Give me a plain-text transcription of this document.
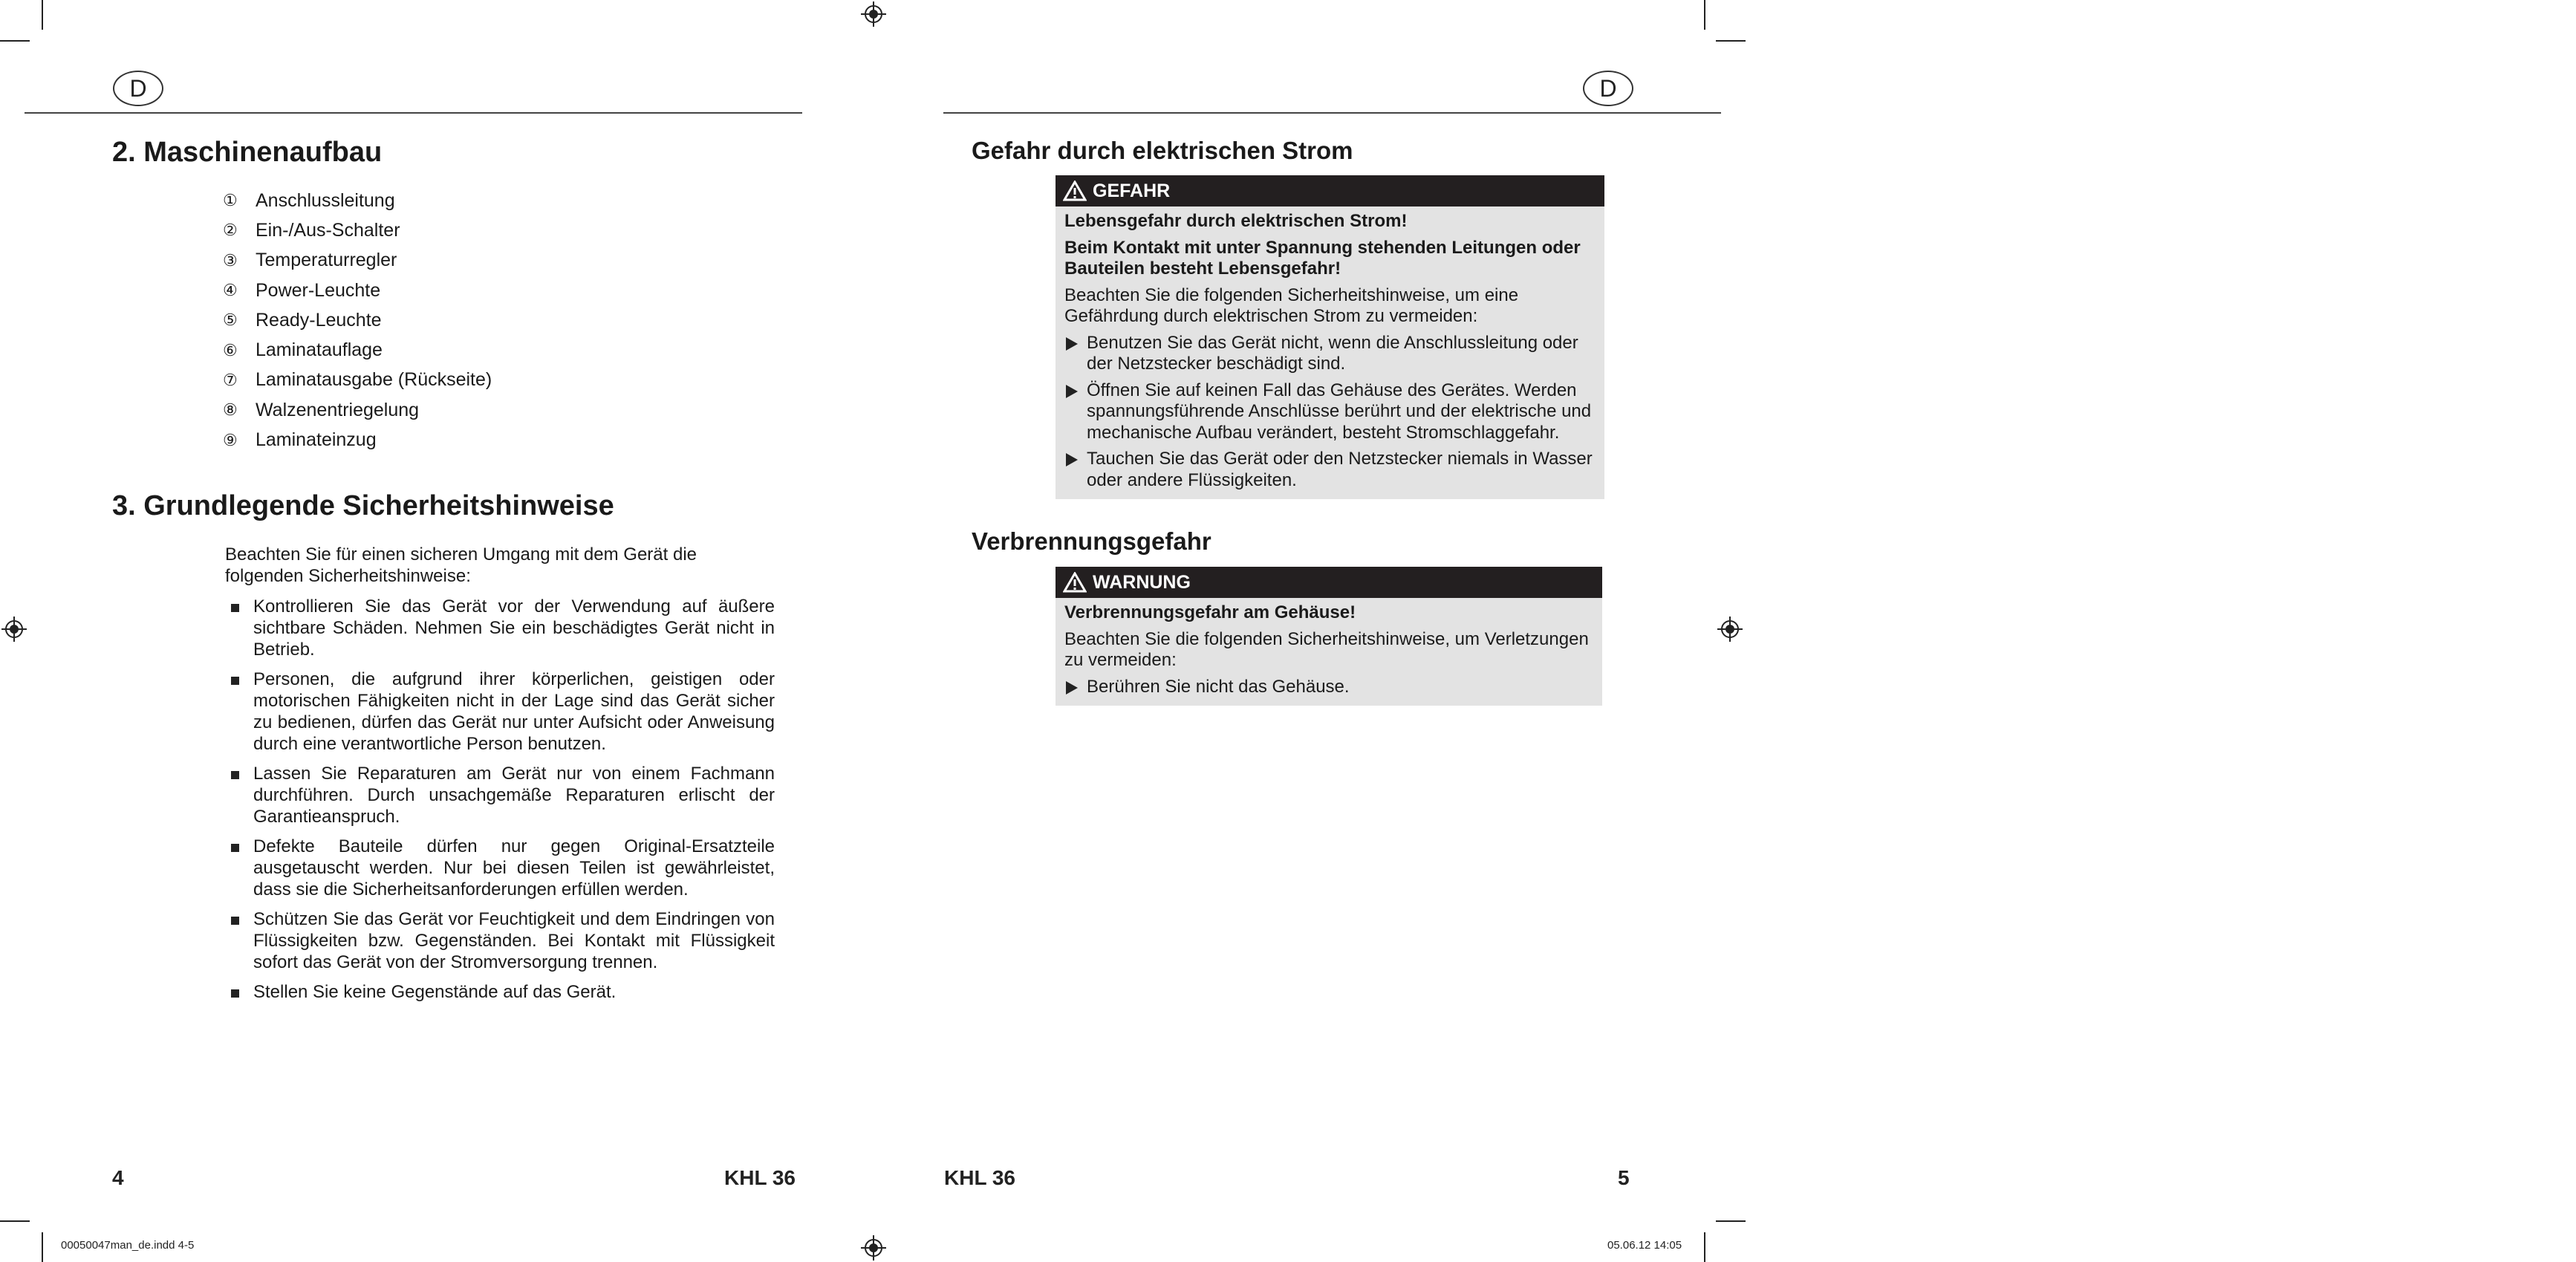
D
2. Maschinenaufbau
① Anschlussleitung
② Ein-/Aus-Schalter
③ Temperaturregler
④ Power-Leuchte
⑤ Ready-Leuchte
⑥ Laminatauflage
⑦ Laminatausgabe (Rückseite)
⑧ Walzenentriegelung
⑨ Laminateinzug
3. Grundlegende Sicherheitshinweise
Beachten Sie für einen sicheren Umgang mit dem Gerät die folgenden Sicherheitshinweise:
Kontrollieren Sie das Gerät vor der Verwendung auf äußere sichtbare Schäden. Nehmen Sie ein beschädigtes Gerät nicht in Betrieb.
Personen, die aufgrund ihrer körperlichen, geistigen oder motorischen Fähigkeiten nicht in der Lage sind das Gerät sicher zu bedienen, dürfen das Gerät nur unter Aufsicht oder Anweisung durch eine verantwortliche Person benutzen.
Lassen Sie Reparaturen am Gerät nur von einem Fachmann durchführen. Durch unsachgemäße Reparaturen erlischt der Garantieanspruch.
Defekte Bauteile dürfen nur gegen Original-Ersatzteile ausgetauscht werden. Nur bei diesen Teilen ist gewährleistet, dass sie die Sicherheitsanforderungen erfüllen werden.
Schützen Sie das Gerät vor Feuchtigkeit und dem Eindringen von Flüssigkeiten bzw. Gegenständen. Bei Kontakt mit Flüssigkeit sofort das Gerät von der Stromversorgung trennen.
Stellen Sie keine Gegenstände auf das Gerät.
4	KHL 36
D
Gefahr durch elektrischen Strom
GEFAHR

Lebensgefahr durch elektrischen Strom!

Beim Kontakt mit unter Spannung stehenden Leitungen oder Bauteilen besteht Lebensgefahr!

Beachten Sie die folgenden Sicherheitshinweise, um eine Gefährdung durch elektrischen Strom zu vermeiden:

Benutzen Sie das Gerät nicht, wenn die Anschlussleitung oder der Netzstecker beschädigt sind.
Öffnen Sie auf keinen Fall das Gehäuse des Gerätes. Werden spannungsführende Anschlüsse berührt und der elektrische und mechanische Aufbau verändert, besteht Stromschlaggefahr.
Tauchen Sie das Gerät oder den Netzstecker niemals in Wasser oder andere Flüssigkeiten.
Verbrennungsgefahr
WARNUNG

Verbrennungsgefahr am Gehäuse!

Beachten Sie die folgenden Sicherheitshinweise, um Verletzungen zu vermeiden:

Berühren Sie nicht das Gehäuse.
KHL 36	5
00050047man_de.indd 4-5	05.06.12 14:05
